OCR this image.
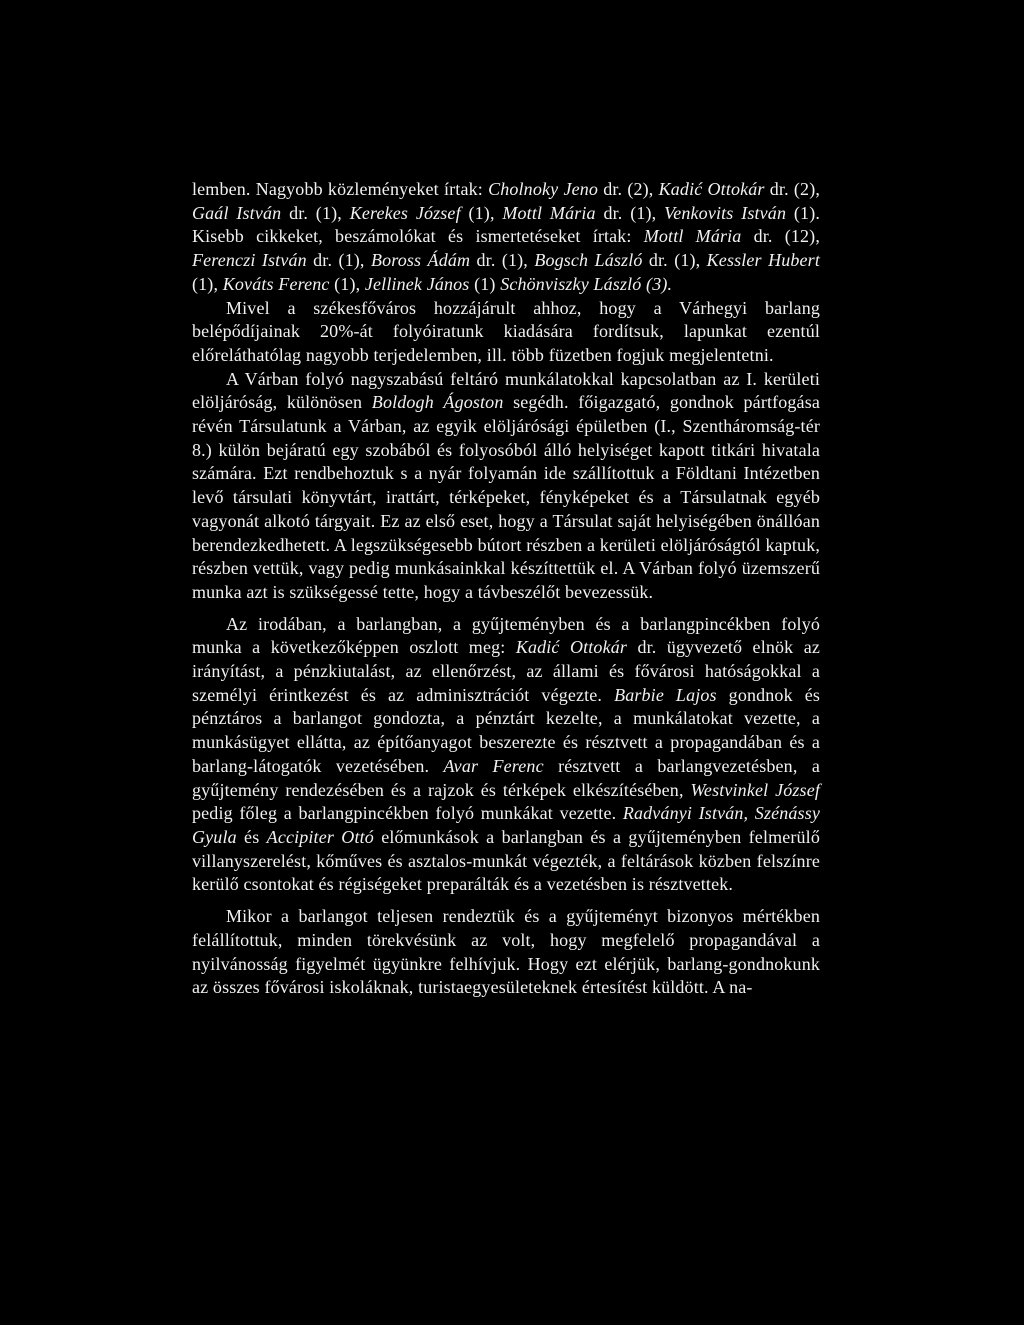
lemben. Nagyobb közleményeket írtak: Cholnoky Jeno dr. (2), Kadić Ottokár dr. (2), Gaál István dr. (1), Kerekes József (1), Mottl Mária dr. (1), Venkovits István (1). Kisebb cikkeket, beszámolókat és ismertetéseket írtak: Mottl Mária dr. (12), Ferenczi István dr. (1), Boross Ádám dr. (1), Bogsch László dr. (1), Kessler Hubert (1), Kováts Ferenc (1), Jellinek János (1) Schönviszky László (3).

Mivel a székesfőváros hozzájárult ahhoz, hogy a Várhegyi barlang belépődíjainak 20%-át folyóiratunk kiadására fordítsuk, lapunkat ezentúl előreláthatólag nagyobb terjedelemben, ill. több füzetben fogjuk megjelentetni.

A Várban folyó nagyszabású feltáró munkálatokkal kapcsolatban az I. kerületi elöljáróság, különösen Boldogh Ágoston segédh. főigazgató, gondnok pártfogása révén Társulatunk a Várban, az egyik elöljárósági épületben (I., Szentháromság-tér 8.) külön bejáratú egy szobából és folyosóból álló helyiséget kapott titkári hivatala számára. Ezt rendbehoztuk s a nyár folyamán ide szállítottuk a Földtani Intézetben levő társulati könyvtárt, irattárt, térképeket, fényképeket és a Társulatnak egyéb vagyonát alkotó tárgyait. Ez az első eset, hogy a Társulat saját helyiségében önállóan berendezkedhetett. A legszükségesebb bútort részben a kerületi elöljáróságtól kaptuk, részben vettük, vagy pedig munkásainkkal készíttettük el. A Várban folyó üzemszerű munka azt is szükségessé tette, hogy a távbeszélőt bevezessük.

Az irodában, a barlangban, a gyűjteményben és a barlangpincékben folyó munka a következőképpen oszlott meg: Kadić Ottokár dr. ügyvezető elnök az irányítást, a pénzkiutalást, az ellenőrzést, az állami és fővárosi hatóságokkal a személyi érintkezést és az adminisztrációt végezte. Barbie Lajos gondnok és pénztáros a barlangot gondozta, a pénztárt kezelte, a munkálatokat vezette, a munkásügyet ellátta, az építőanyagot beszerezte és résztvett a propagandában és a barlang-látogatók vezetésében. Avar Ferenc résztvett a barlangvezetésben, a gyűjtemény rendezésében és a rajzok és térképek elkészítésében, Westvinkel József pedig főleg a barlangpincékben folyó munkákat vezette. Radványi István, Szénássy Gyula és Accipiter Ottó előmunkások a barlangban és a gyűjteményben felmerülő villanyszerelést, kőműves és asztalos-munkát végezték, a feltárások közben felszínre kerülő csontokat és régiségeket preparálták és a vezetésben is résztvettek.

Mikor a barlangot teljesen rendeztük és a gyűjteményt bizonyos mértékben felállítottuk, minden törekvésünk az volt, hogy megfelelő propagandával a nyilvánosság figyelmét ügyünkre felhívjuk. Hogy ezt elérjük, barlang-gondnokunk az összes fővárosi iskoláknak, turistaegyesületeknek értesítést küldött. A na-
